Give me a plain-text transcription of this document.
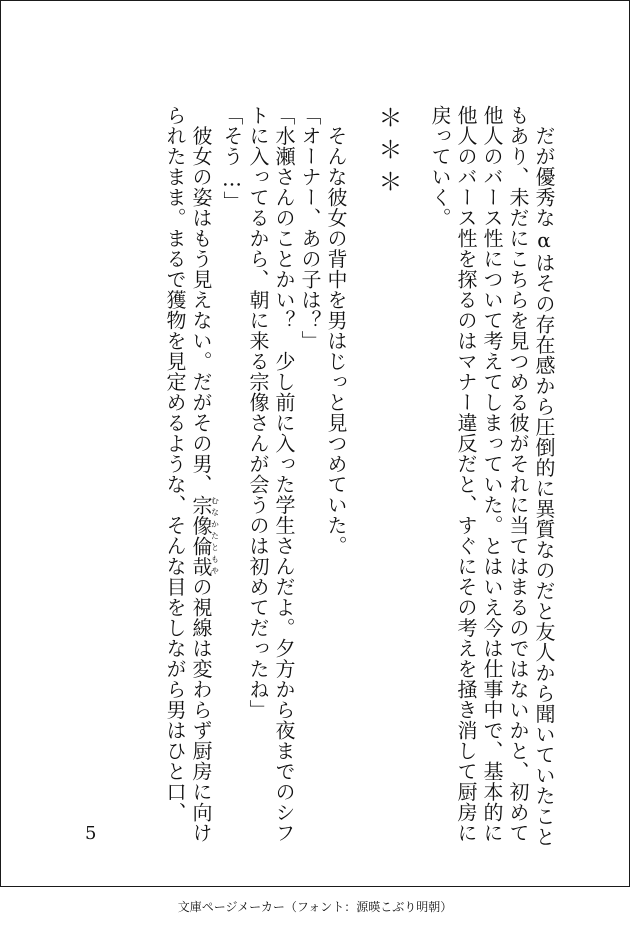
　だが優秀なαはその存在感から圧倒的に異質なのだと友人から聞いていたこと
もあり、未だにこちらを見つめる彼がそれに当てはまるのではないかと、初めて
他人のバース性について考えてしまっていた。とはいえ今は仕事中で、基本的に
他人のバース性を探るのはマナー違反だと、すぐにその考えを掻き消して厨房に
戻っていく。
＊＊＊
　そんな彼女の背中を男はじっと見つめていた。
「オーナー、あの子は？」
「水瀬さんのことかい？　少し前に入った学生さんだよ。夕方から夜までのシフ
トに入ってるから、朝に来る宗像さんが会うのは初めてだったね」
「そう…」
　彼女の姿はもう見えない。だがその男、宗像倫哉むなかたともやの視線は変わらず厨房に向け
られたまま。まるで獲物を見定めるような、そんな目をしながら男はひと口、
5
文庫ページメーカー（フォント：源暎こぶり明朝）
